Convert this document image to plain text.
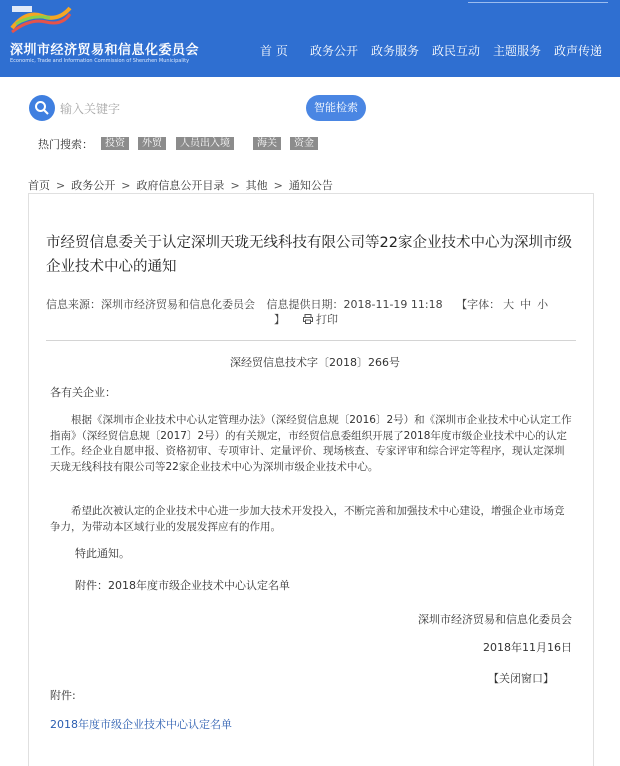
深圳市经济贸易和信息化委员会
Economic, Trade and Information Commission of Shenzhen Municipality
首 页 政务公开 政务服务 政民互动 主题服务 政声传递
输入关键字
智能检索
热门搜索：	投资	外贸	人员出入境	海关	资金
首页 > 政务公开 > 政府信息公开目录 > 其他 > 通知公告
市经贸信息委关于认定深圳天珑无线科技有限公司等22家企业技术中心为深圳市级企业技术中心的通知
信息来源：深圳市经济贸易和信息化委员会 信息提供日期：2018-11-19 11:18 【字体： 大 中 小
】	打印
深经贸信息技术字〔2018〕266号
各有关企业：
根据《深圳市企业技术中心认定管理办法》（深经贸信息规〔2016〕2号）和《深圳市企业技术中心认定工作指南》（深经贸信息规〔2017〕2号）的有关规定，市经贸信息委组织开展了2018年度市级企业技术中心的认定工作。经企业自愿申报、资格初审、专项审计、定量评价、现场核查、专家评审和综合评定等程序，现认定深圳天珑无线科技有限公司等22家企业技术中心为深圳市级企业技术中心。
希望此次被认定的企业技术中心进一步加大技术开发投入，不断完善和加强技术中心建设，增强企业市场竞争力，为带动本区域行业的发展发挥应有的作用。
特此通知。
附件：2018年度市级企业技术中心认定名单
深圳市经济贸易和信息化委员会
2018年11月16日
【关闭窗口】
附件:
2018年度市级企业技术中心认定名单
